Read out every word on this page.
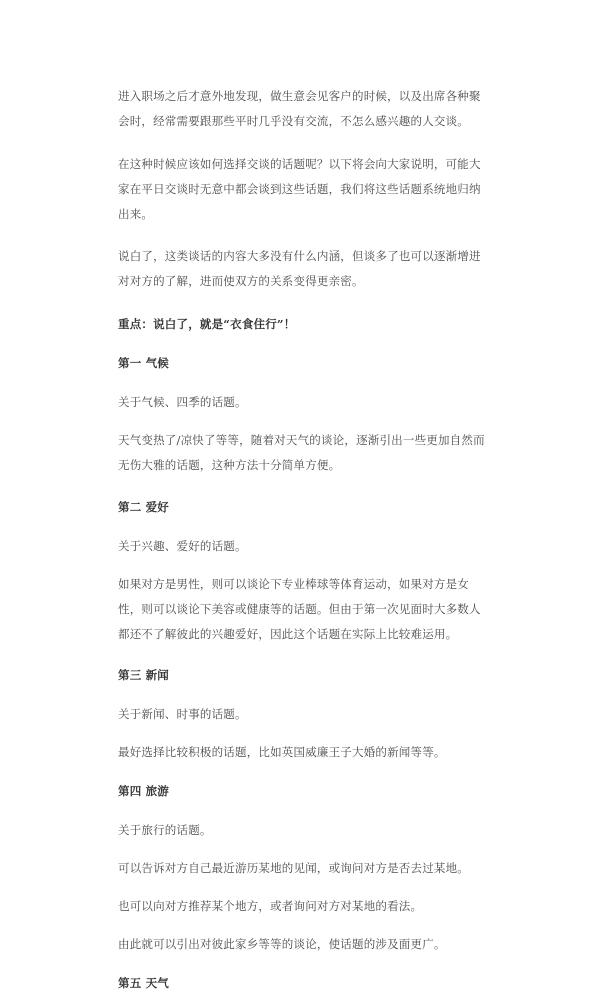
进入职场之后才意外地发现，做生意会见客户的时候，以及出席各种聚会时，经常需要跟那些平时几乎没有交流，不怎么感兴趣的人交谈。

在这种时候应该如何选择交谈的话题呢？以下将会向大家说明，可能大家在平日交谈时无意中都会谈到这些话题，我们将这些话题系统地归纳出来。

说白了，这类谈话的内容大多没有什么内涵，但谈多了也可以逐渐增进对对方的了解，进而使双方的关系变得更亲密。

重点：说白了，就是“衣食住行”！

第一 气候

关于气候、四季的话题。

天气变热了/凉快了等等，随着对天气的谈论，逐渐引出一些更加自然而无伤大雅的话题，这种方法十分简单方便。

第二 爱好

关于兴趣、爱好的话题。

如果对方是男性，则可以谈论下专业棒球等体育运动，如果对方是女性，则可以谈论下美容或健康等的话题。但由于第一次见面时大多数人都还不了解彼此的兴趣爱好，因此这个话题在实际上比较难运用。

第三 新闻

关于新闻、时事的话题。

最好选择比较积极的话题，比如英国威廉王子大婚的新闻等等。

第四 旅游

关于旅行的话题。

可以告诉对方自己最近游历某地的见闻，或询问对方是否去过某地。

也可以向对方推荐某个地方，或者询问对方对某地的看法。

由此就可以引出对彼此家乡等等的谈论，使话题的涉及面更广。

第五 天气
